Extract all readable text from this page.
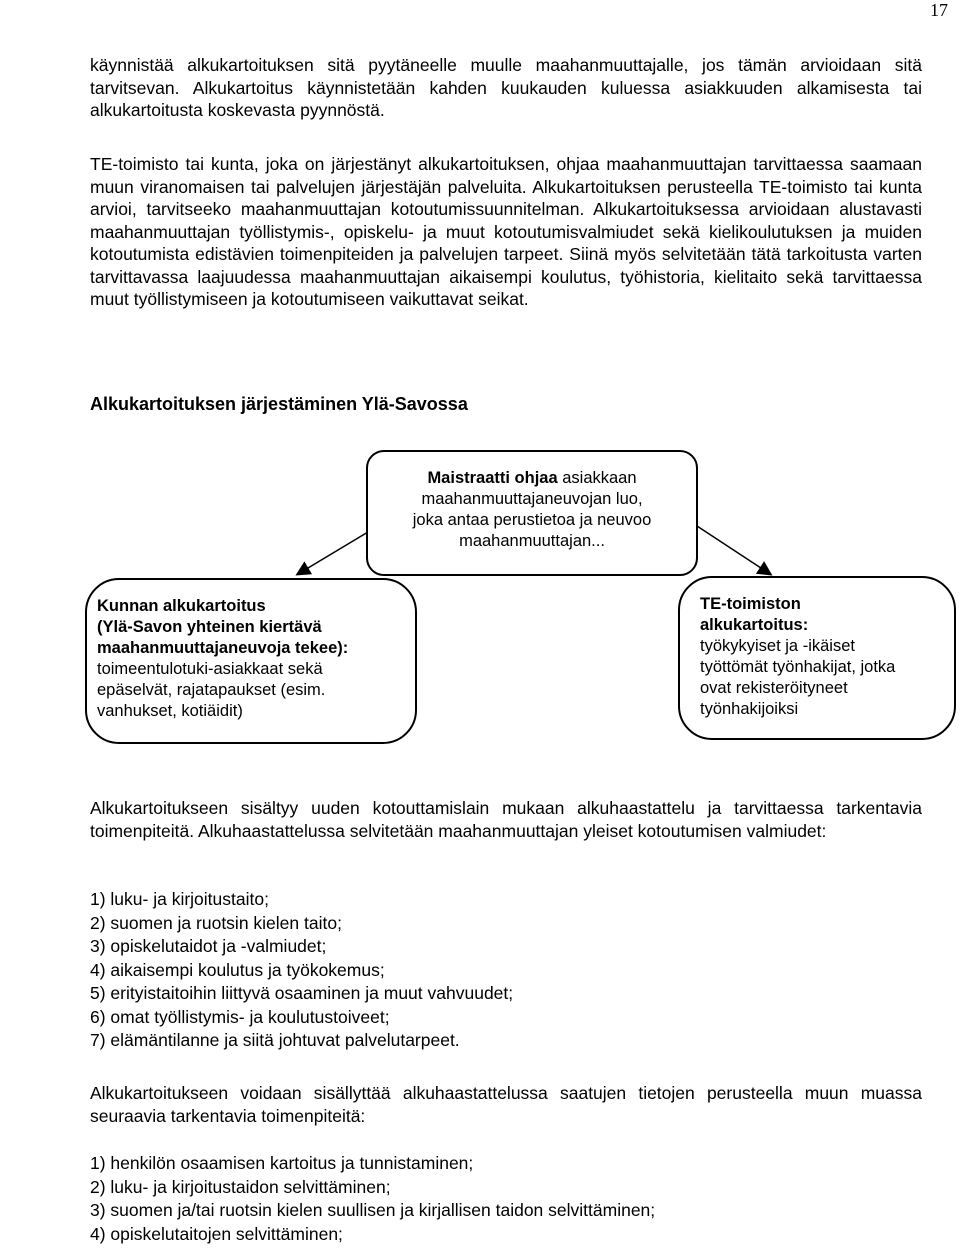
17

käynnistää alkukartoituksen sitä pyytäneelle muulle maahanmuuttajalle, jos tämän arvioidaan sitä tarvitsevan. Alkukartoitus käynnistetään kahden kuukauden kuluessa asiakkuuden alkamisesta tai alkukartoitusta koskevasta pyynnöstä.

TE-toimisto tai kunta, joka on järjestänyt alkukartoituksen, ohjaa maahanmuuttajan tarvittaessa saamaan muun viranomaisen tai palvelujen järjestäjän palveluita. Alkukartoituksen perusteella TE-toimisto tai kunta arvioi, tarvitseeko maahanmuuttajan kotoutumissuunnitelman. Alkukartoituksessa arvioidaan alustavasti maahanmuuttajan työllistymis-, opiskelu- ja muut kotoutumisvalmiudet sekä kielikoulutuksen ja muiden kotoutumista edistävien toimenpiteiden ja palvelujen tarpeet. Siinä myös selvitetään tätä tarkoitusta varten tarvittavassa laajuudessa maahanmuuttajan aikaisempi koulutus, työhistoria, kielitaito sekä tarvittaessa muut työllistymiseen ja kotoutumiseen vaikuttavat seikat.

Alkukartoituksen järjestäminen Ylä-Savossa
Maistraatti ohjaa asiakkaan
maahanmuuttajaneuvojan luo,
joka antaa perustietoa ja neuvoo
maahanmuuttajan...
Kunnan alkukartoitus
(Ylä-Savon yhteinen kiertävä
maahanmuuttajaneuvoja tekee):
toimeentulotuki-asiakkaat sekä
epäselvät, rajatapaukset (esim.
vanhukset, kotiäidit)
TE-toimiston
alkukartoitus:
työkykyiset ja -ikäiset
työttömät työnhakijat, jotka
ovat rekisteröityneet
työnhakijoiksi

Alkukartoitukseen sisältyy uuden kotouttamislain mukaan alkuhaastattelu ja tarvittaessa tarkentavia toimenpiteitä. Alkuhaastattelussa selvitetään maahanmuuttajan yleiset kotoutumisen valmiudet:

1) luku- ja kirjoitustaito;
2) suomen ja ruotsin kielen taito;
3) opiskelutaidot ja -valmiudet;
4) aikaisempi koulutus ja työkokemus;
5) erityistaitoihin liittyvä osaaminen ja muut vahvuudet;
6) omat työllistymis- ja koulutustoiveet;
7) elämäntilanne ja siitä johtuvat palvelutarpeet.

Alkukartoitukseen voidaan sisällyttää alkuhaastattelussa saatujen tietojen perusteella muun muassa seuraavia tarkentavia toimenpiteitä:

1) henkilön osaamisen kartoitus ja tunnistaminen;
2) luku- ja kirjoitustaidon selvittäminen;
3) suomen ja/tai ruotsin kielen suullisen ja kirjallisen taidon selvittäminen;
4) opiskelutaitojen selvittäminen;
